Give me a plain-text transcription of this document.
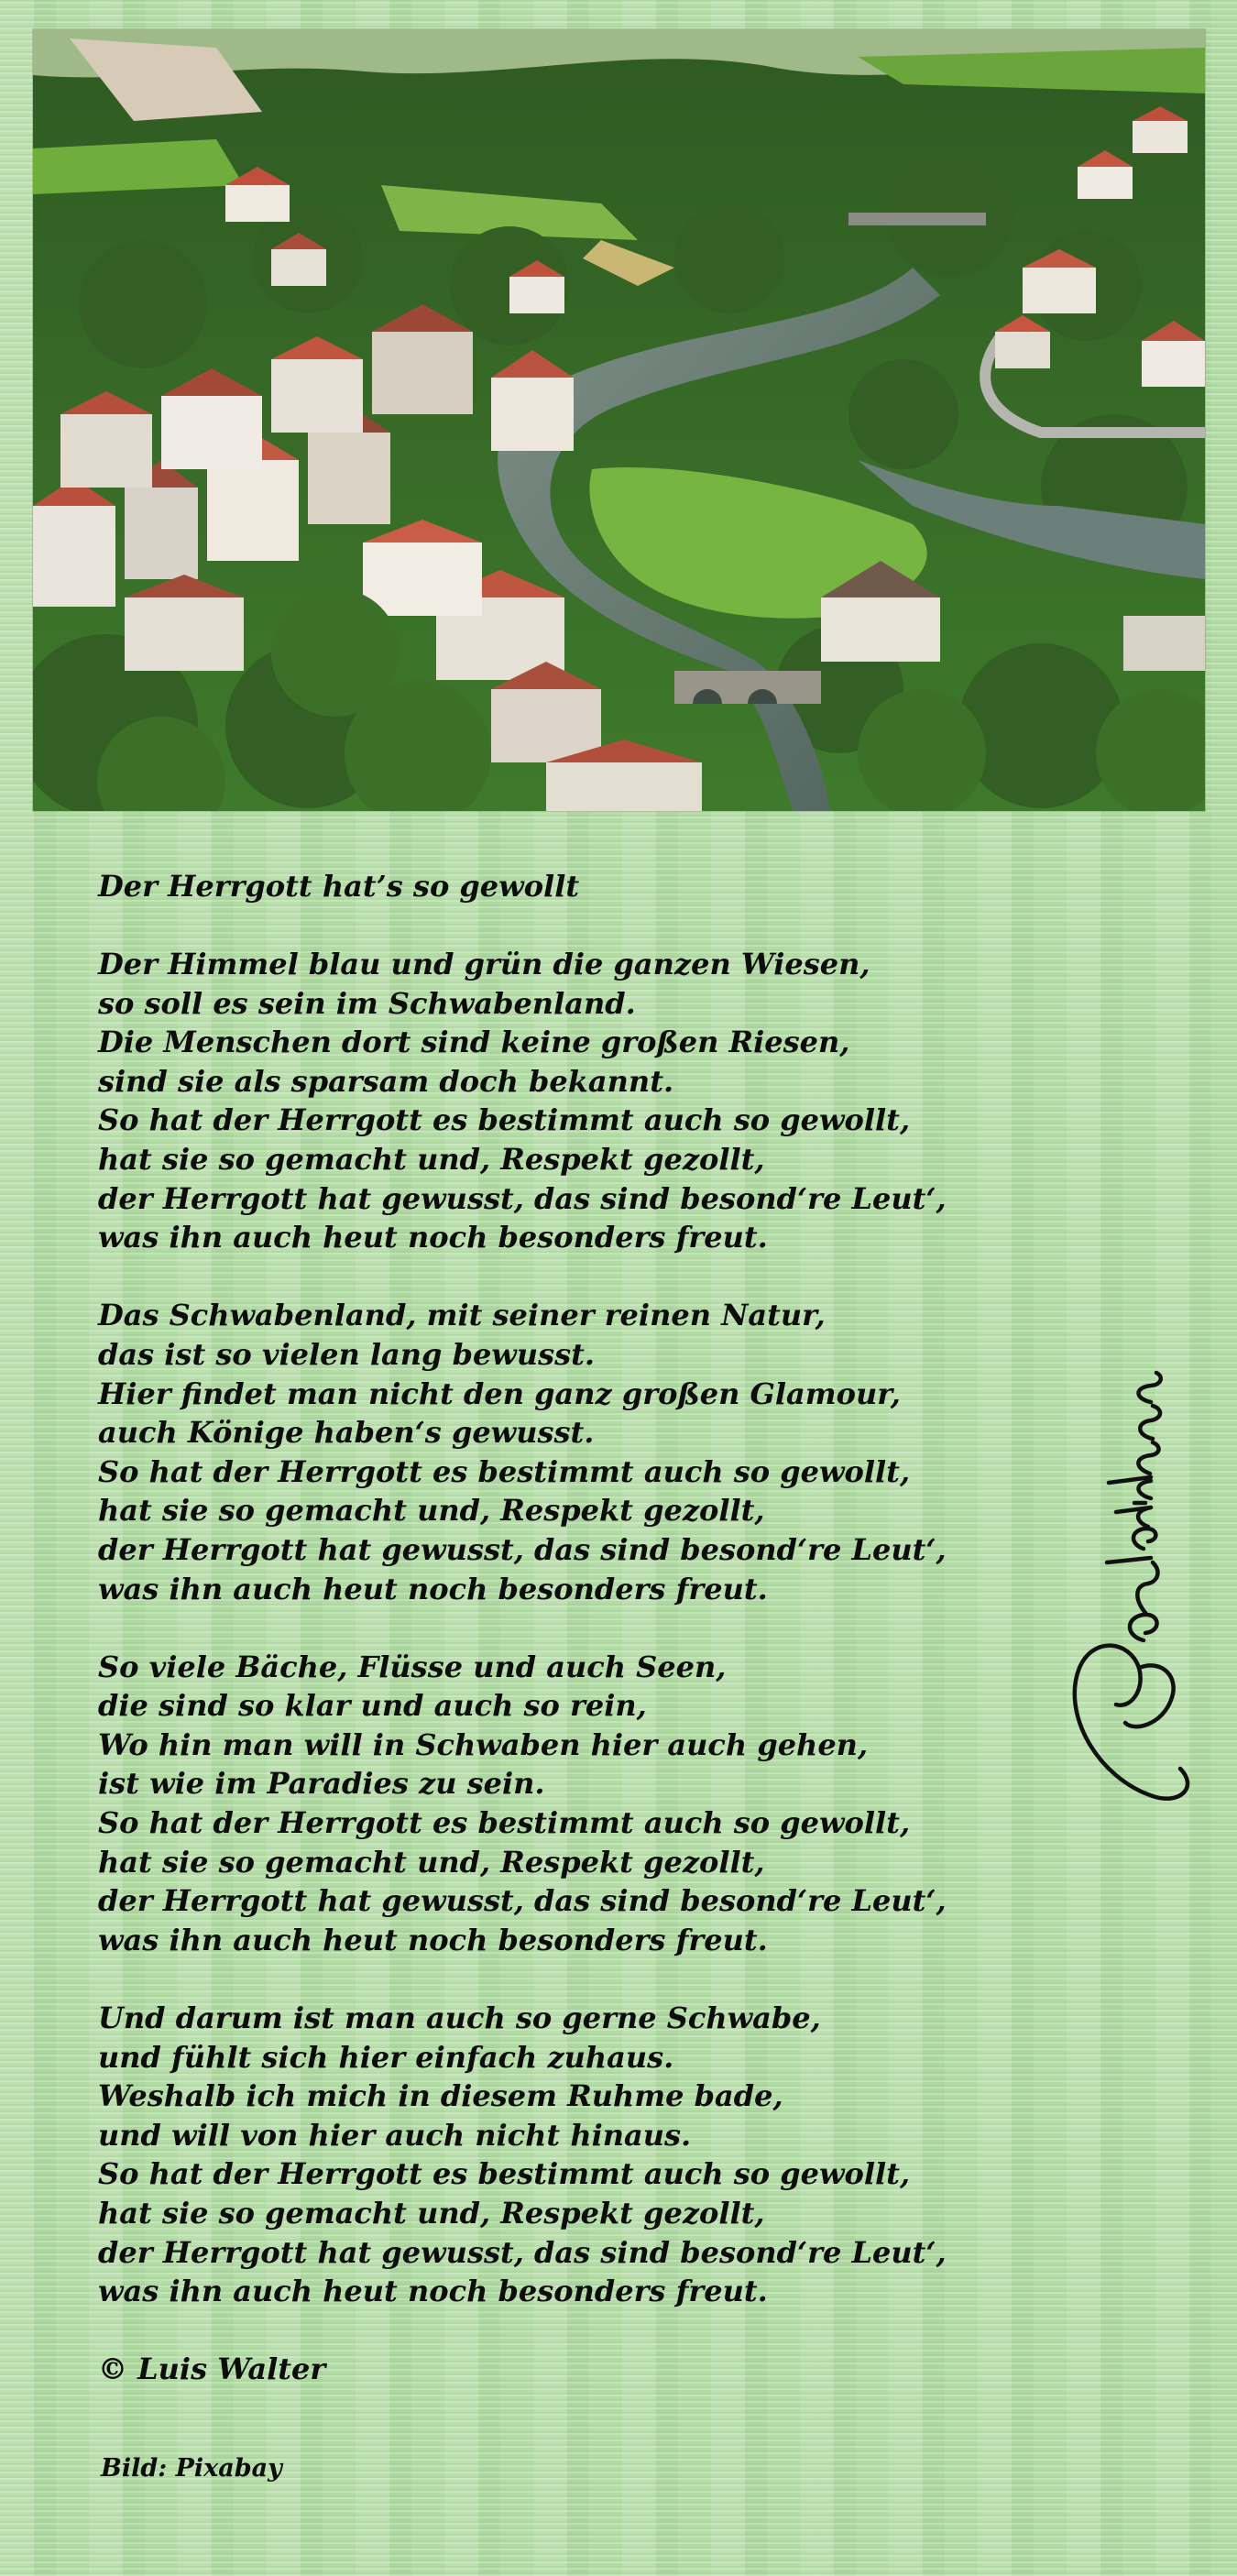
Der Herrgott hat’s so gewollt
Der Himmel blau und grün die ganzen Wiesen,
so soll es sein im Schwabenland.
Die Menschen dort sind keine großen Riesen,
sind sie als sparsam doch bekannt.
So hat der Herrgott es bestimmt auch so gewollt,
hat sie so gemacht und, Respekt gezollt,
der Herrgott hat gewusst, das sind besond‘re Leut‘,
was ihn auch heut noch besonders freut.
Das Schwabenland, mit seiner reinen Natur,
das ist so vielen lang bewusst.
Hier findet man nicht den ganz großen Glamour,
auch Könige haben‘s gewusst.
So hat der Herrgott es bestimmt auch so gewollt,
hat sie so gemacht und, Respekt gezollt,
der Herrgott hat gewusst, das sind besond‘re Leut‘,
was ihn auch heut noch besonders freut.
So viele Bäche, Flüsse und auch Seen,
die sind so klar und auch so rein,
Wo hin man will in Schwaben hier auch gehen,
ist wie im Paradies zu sein.
So hat der Herrgott es bestimmt auch so gewollt,
hat sie so gemacht und, Respekt gezollt,
der Herrgott hat gewusst, das sind besond‘re Leut‘,
was ihn auch heut noch besonders freut.
Und darum ist man auch so gerne Schwabe,
und fühlt sich hier einfach zuhaus.
Weshalb ich mich in diesem Ruhme bade,
und will von hier auch nicht hinaus.
So hat der Herrgott es bestimmt auch so gewollt,
hat sie so gemacht und, Respekt gezollt,
der Herrgott hat gewusst, das sind besond‘re Leut‘,
was ihn auch heut noch besonders freut.
© Luis Walter
Bild: Pixabay
